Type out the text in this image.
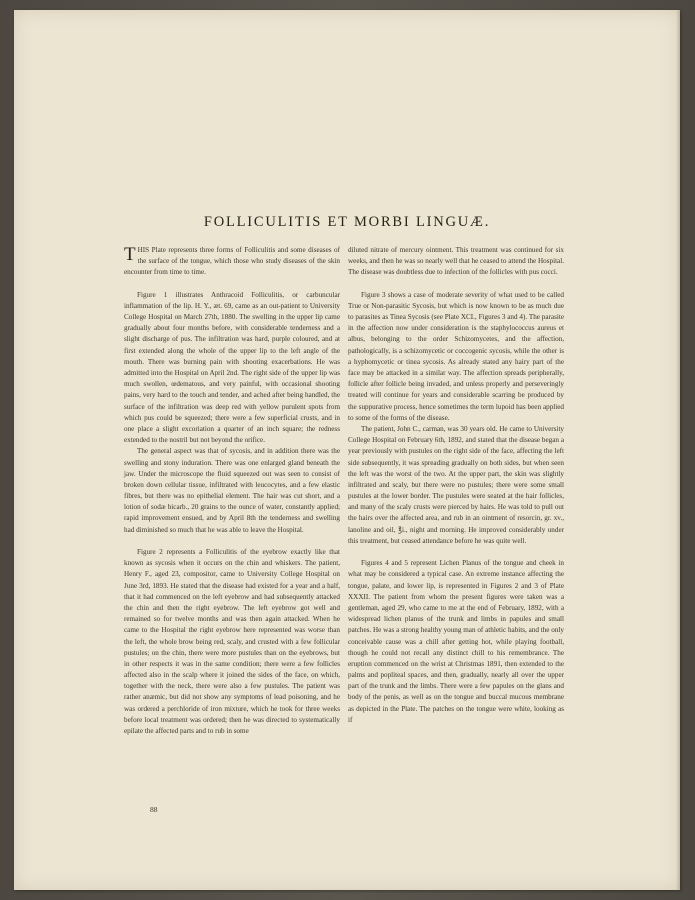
FOLLICULITIS ET MORBI LINGUÆ.

THIS Plate represents three forms of Folliculitis and some diseases of the surface of the tongue, which those who study diseases of the skin encounter from time to time.

Figure 1 illustrates Anthracoid Folliculitis, or carbuncular inflammation of the lip. H. Y., æt. 69, came as an out-patient to University College Hospital on March 27th, 1880. The swelling in the upper lip came gradually about four months before, with considerable tenderness and a slight discharge of pus. The infiltration was hard, purple coloured, and at first extended along the whole of the upper lip to the left angle of the mouth. There was burning pain with shooting exacerbations. He was admitted into the Hospital on April 2nd. The right side of the upper lip was much swollen, œdematous, and very painful, with occasional shooting pains, very hard to the touch and tender, and ached after being handled, the surface of the infiltration was deep red with yellow purulent spots from which pus could be squeezed; there were a few superficial crusts, and in one place a slight excoriation a quarter of an inch square; the redness extended to the nostril but not beyond the orifice.

The general aspect was that of sycosis, and in addition there was the swelling and stony induration. There was one enlarged gland beneath the jaw. Under the microscope the fluid squeezed out was seen to consist of broken down cellular tissue, infiltrated with leucocytes, and a few elastic fibres, but there was no epithelial element. The hair was cut short, and a lotion of sodæ bicarb., 20 grains to the ounce of water, constantly applied; rapid improvement ensued, and by April 8th the tenderness and swelling had diminished so much that he was able to leave the Hospital.

Figure 2 represents a Folliculitis of the eyebrow exactly like that known as sycosis when it occurs on the chin and whiskers. The patient, Henry F., aged 23, compositor, came to University College Hospital on June 3rd, 1893. He stated that the disease had existed for a year and a half, that it had commenced on the left eyebrow and had subsequently attacked the chin and then the right eyebrow. The left eyebrow got well and remained so for twelve months and was then again attacked. When he came to the Hospital the right eyebrow here represented was worse than the left, the whole brow being red, scaly, and crusted with a few follicular pustules; on the chin, there were more pustules than on the eyebrows, but in other respects it was in the same condition; there were a few follicles affected also in the scalp where it joined the sides of the face, on which, together with the neck, there were also a few pustules. The patient was rather anæmic, but did not show any symptoms of lead poisoning, and he was ordered a perchloride of iron mixture, which he took for three weeks before local treatment was ordered; then he was directed to systematically epilate the affected parts and to rub in some

diluted nitrate of mercury ointment. This treatment was continued for six weeks, and then he was so nearly well that he ceased to attend the Hospital. The disease was doubtless due to infection of the follicles with pus cocci.

Figure 3 shows a case of moderate severity of what used to be called True or Non-parasitic Sycosis, but which is now known to be as much due to parasites as Tinea Sycosis (see Plate XCI., Figures 3 and 4). The parasite in the affection now under consideration is the staphylococcus aureus et albus, belonging to the order Schizomycetes, and the affection, pathologically, is a schizomycetic or coccogenic sycosis, while the other is a hyphomycetic or tinea sycosis. As already stated any hairy part of the face may be attacked in a similar way. The affection spreads peripherally, follicle after follicle being invaded, and unless properly and perseveringly treated will continue for years and considerable scarring be produced by the suppurative process, hence sometimes the term lupoid has been applied to some of the forms of the disease.

The patient, John C., carman, was 30 years old. He came to University College Hospital on February 6th, 1892, and stated that the disease began a year previously with pustules on the right side of the face, affecting the left side subsequently, it was spreading gradually on both sides, but when seen the left was the worst of the two. At the upper part, the skin was slightly infiltrated and scaly, but there were no pustules; there were some small pustules at the lower border. The pustules were seated at the hair follicles, and many of the scaly crusts were pierced by hairs. He was told to pull out the hairs over the affected area, and rub in an ointment of resorcin, gr. xv., lanoline and oil, ℥i., night and morning. He improved considerably under this treatment, but ceased attendance before he was quite well.

Figures 4 and 5 represent Lichen Planus of the tongue and cheek in what may be considered a typical case. An extreme instance affecting the tongue, palate, and lower lip, is represented in Figures 2 and 3 of Plate XXXII. The patient from whom the present figures were taken was a gentleman, aged 29, who came to me at the end of February, 1892, with a widespread lichen planus of the trunk and limbs in papules and small patches. He was a strong healthy young man of athletic habits, and the only conceivable cause was a chill after getting hot, while playing football, though he could not recall any distinct chill to his remembrance. The eruption commenced on the wrist at Christmas 1891, then extended to the palms and popliteal spaces, and then, gradually, nearly all over the upper part of the trunk and the limbs. There were a few papules on the glans and body of the penis, as well as on the tongue and buccal mucous membrane as depicted in the Plate. The patches on the tongue were white, looking as if

88
